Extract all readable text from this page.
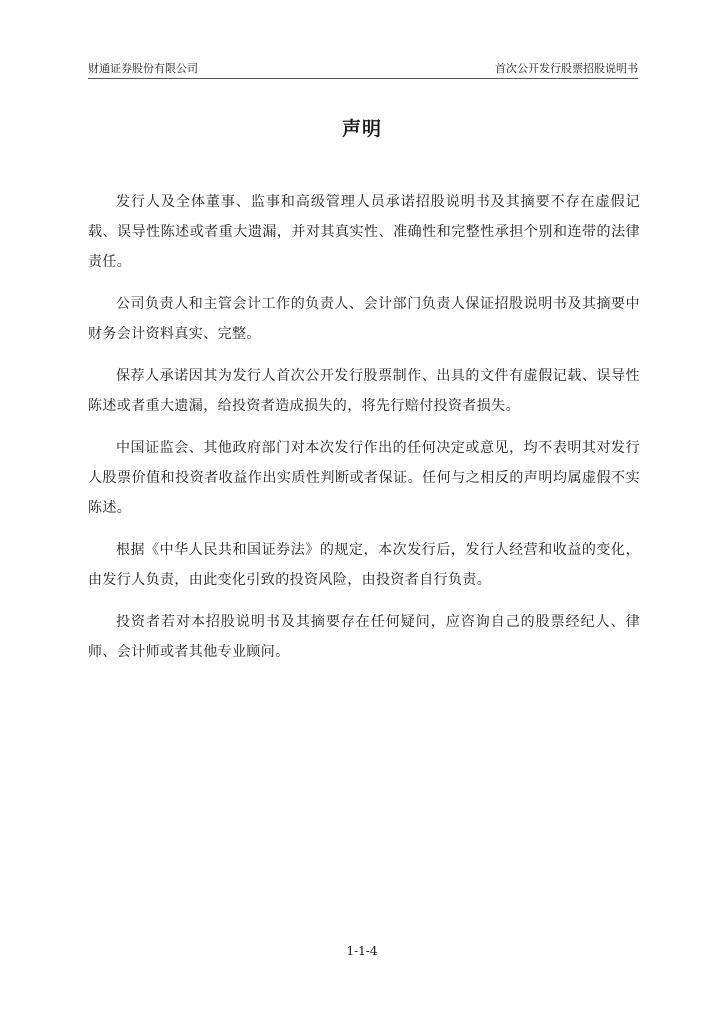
财通证券股份有限公司	首次公开发行股票招股说明书
声明

发行人及全体董事、监事和高级管理人员承诺招股说明书及其摘要不存在虚假记载、误导性陈述或者重大遗漏，并对其真实性、准确性和完整性承担个别和连带的法律责任。

公司负责人和主管会计工作的负责人、会计部门负责人保证招股说明书及其摘要中财务会计资料真实、完整。

保荐人承诺因其为发行人首次公开发行股票制作、出具的文件有虚假记载、误导性陈述或者重大遗漏，给投资者造成损失的，将先行赔付投资者损失。

中国证监会、其他政府部门对本次发行作出的任何决定或意见，均不表明其对发行人股票价值和投资者收益作出实质性判断或者保证。任何与之相反的声明均属虚假不实陈述。

根据《中华人民共和国证券法》的规定，本次发行后，发行人经营和收益的变化，由发行人负责，由此变化引致的投资风险，由投资者自行负责。

投资者若对本招股说明书及其摘要存在任何疑问，应咨询自己的股票经纪人、律师、会计师或者其他专业顾问。

1-1-4
